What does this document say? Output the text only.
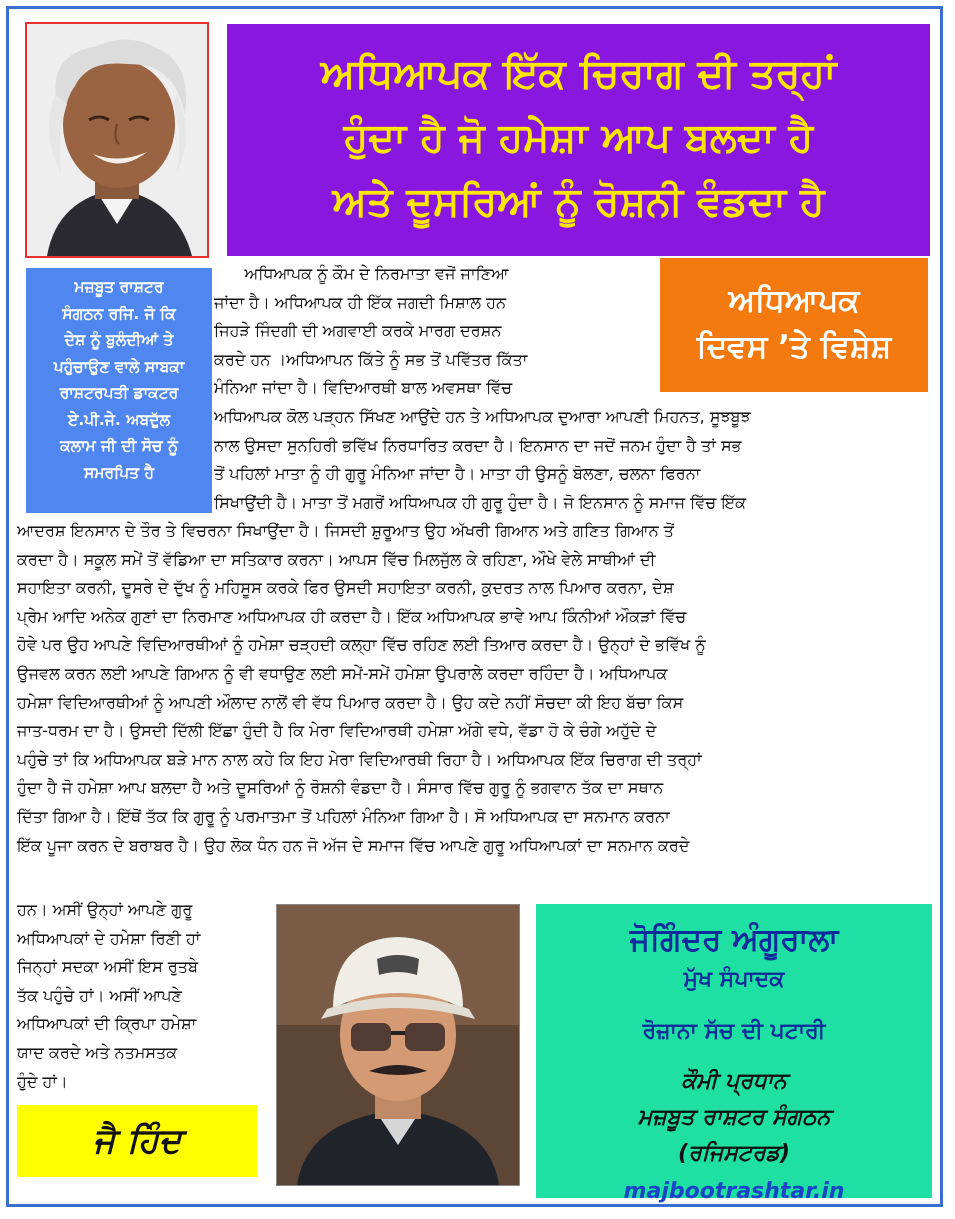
ਅਧਿਆਪਕ ਇੱਕ ਚਿਰਾਗ ਦੀ ਤਰ੍ਹਾਂ
ਹੁੰਦਾ ਹੈ ਜੋ ਹਮੇਸ਼ਾ ਆਪ ਬਲਦਾ ਹੈ
ਅਤੇ ਦੂਸਰਿਆਂ ਨੂੰ ਰੋਸ਼ਨੀ ਵੰਡਦਾ ਹੈ
ਮਜ਼ਬੂਤ ਰਾਸ਼ਟਰ
ਸੰਗਠਨ ਰਜਿ. ਜੋ ਕਿ
ਦੇਸ਼ ਨੂੰ ਬੁਲੰਦੀਆਂ ਤੇ
ਪਹੁੰਚਾਉਣ ਵਾਲੇ ਸਾਬਕਾ
ਰਾਸ਼ਟਰਪਤੀ ਡਾਕਟਰ
ਏ.ਪੀ.ਜੇ. ਅਬਦੁੱਲ
ਕਲਾਮ ਜੀ ਦੀ ਸੋਚ ਨੂੰ
ਸਮਰਪਿਤ ਹੈ
ਅਧਿਆਪਕ
ਦਿਵਸ ’ਤੇ ਵਿਸ਼ੇਸ਼
ਅਧਿਆਪਕ ਨੂੰ ਕੌਮ ਦੇ ਨਿਰਮਾਤਾ ਵਜੋਂ ਜਾਣਿਆ
ਜਾਂਦਾ ਹੈ। ਅਧਿਆਪਕ ਹੀ ਇੱਕ ਜਗਦੀ ਮਿਸ਼ਾਲ ਹਨ
ਜਿਹੜੇ ਜਿੰਦਗੀ ਦੀ ਅਗਵਾਈ ਕਰਕੇ ਮਾਰਗ ਦਰਸ਼ਨ
ਕਰਦੇ ਹਨ ।ਅਧਿਆਪਨ ਕਿੱਤੇ ਨੂੰ ਸਭ ਤੋਂ ਪਵਿੱਤਰ ਕਿੱਤਾ
ਮੰਨਿਆ ਜਾਂਦਾ ਹੈ। ਵਿਦਿਆਰਥੀ ਬਾਲ ਅਵਸਥਾ ਵਿੱਚ
ਅਧਿਆਪਕ ਕੋਲ ਪੜ੍ਹਨ ਸਿੱਖਣ ਆਉਂਦੇ ਹਨ ਤੇ ਅਧਿਆਪਕ ਦੁਆਰਾ ਆਪਣੀ ਮਿਹਨਤ, ਸੂਝਬੂਝ
ਨਾਲ ਉਸਦਾ ਸੁਨਹਿਰੀ ਭਵਿੱਖ ਨਿਰਧਾਰਿਤ ਕਰਦਾ ਹੈ। ਇਨਸਾਨ ਦਾ ਜਦੋਂ ਜਨਮ ਹੁੰਦਾ ਹੈ ਤਾਂ ਸਭ
ਤੋਂ ਪਹਿਲਾਂ ਮਾਤਾ ਨੂੰ ਹੀ ਗੁਰੂ ਮੰਨਿਆ ਜਾਂਦਾ ਹੈ। ਮਾਤਾ ਹੀ ਉਸਨੂੰ ਬੋਲਣਾ, ਚਲਨਾ ਫਿਰਨਾ
ਸਿਖਾਉਂਦੀ ਹੈ। ਮਾਤਾ ਤੋਂ ਮਗਰੋਂ ਅਧਿਆਪਕ ਹੀ ਗੁਰੂ ਹੁੰਦਾ ਹੈ। ਜੋ ਇਨਸਾਨ ਨੂੰ ਸਮਾਜ ਵਿੱਚ ਇੱਕ
ਆਦਰਸ਼ ਇਨਸਾਨ ਦੇ ਤੌਰ ਤੇ ਵਿਚਰਨਾ ਸਿਖਾਉਂਦਾ ਹੈ। ਜਿਸਦੀ ਸ਼ੁਰੂਆਤ ਉਹ ਅੱਖਰੀ ਗਿਆਨ ਅਤੇ ਗਣਿਤ ਗਿਆਨ ਤੋਂ
ਕਰਦਾ ਹੈ। ਸਕੂਲ ਸਮੇਂ ਤੋਂ ਵੱਡਿਆ ਦਾ ਸਤਿਕਾਰ ਕਰਨਾ। ਆਪਸ ਵਿੱਚ ਮਿਲਜੁੱਲ ਕੇ ਰਹਿਣਾ, ਔਖੇ ਵੇਲੇ ਸਾਥੀਆਂ ਦੀ
ਸਹਾਇਤਾ ਕਰਨੀ, ਦੂਸਰੇ ਦੇ ਦੁੱਖ ਨੂੰ ਮਹਿਸੂਸ ਕਰਕੇ ਫਿਰ ਉਸਦੀ ਸਹਾਇਤਾ ਕਰਨੀ, ਕੁਦਰਤ ਨਾਲ ਪਿਆਰ ਕਰਨਾ, ਦੇਸ਼
ਪ੍ਰੇਮ ਆਦਿ ਅਨੇਕ ਗੁਣਾਂ ਦਾ ਨਿਰਮਾਣ ਅਧਿਆਪਕ ਹੀ ਕਰਦਾ ਹੈ। ਇੱਕ ਅਧਿਆਪਕ ਭਾਵੇ ਆਪ ਕਿੰਨੀਆਂ ਔਕੜਾਂ ਵਿੱਚ
ਹੋਵੇ ਪਰ ਉਹ ਆਪਣੇ ਵਿਦਿਆਰਥੀਆਂ ਨੂੰ ਹਮੇਸ਼ਾ ਚੜ੍ਹਦੀ ਕਲ੍ਹਾ ਵਿੱਚ ਰਹਿਣ ਲਈ ਤਿਆਰ ਕਰਦਾ ਹੈ। ਉਨ੍ਹਾਂ ਦੇ ਭਵਿੱਖ ਨੂੰ
ਉਜਵਲ ਕਰਨ ਲਈ ਆਪਣੇ ਗਿਆਨ ਨੂੰ ਵੀ ਵਧਾਉਣ ਲਈ ਸਮੇਂ-ਸਮੇਂ ਹਮੇਸ਼ਾ ਉਪਰਾਲੇ ਕਰਦਾ ਰਹਿੰਦਾ ਹੈ। ਅਧਿਆਪਕ
ਹਮੇਸ਼ਾ ਵਿਦਿਆਰਥੀਆਂ ਨੂੰ ਆਪਣੀ ਔਲਾਦ ਨਾਲੋਂ ਵੀ ਵੱਧ ਪਿਆਰ ਕਰਦਾ ਹੈ। ਉਹ ਕਦੇ ਨਹੀਂ ਸੋਚਦਾ ਕੀ ਇਹ ਬੱਚਾ ਕਿਸ
ਜਾਤ-ਧਰਮ ਦਾ ਹੈ। ਉਸਦੀ ਦਿੱਲੀ ਇੱਛਾ ਹੁੰਦੀ ਹੈ ਕਿ ਮੇਰਾ ਵਿਦਿਆਰਥੀ ਹਮੇਸ਼ਾ ਅੱਗੇ ਵਧੇ, ਵੱਡਾ ਹੋ ਕੇ ਚੰਗੇ ਅਹੁੱਦੇ ਦੇ
ਪਹੁੰਚੇ ਤਾਂ ਕਿ ਅਧਿਆਪਕ ਬੜੇ ਮਾਨ ਨਾਲ ਕਹੇ ਕਿ ਇਹ ਮੇਰਾ ਵਿਦਿਆਰਥੀ ਰਿਹਾ ਹੈ। ਅਧਿਆਪਕ ਇੱਕ ਚਿਰਾਗ ਦੀ ਤਰ੍ਹਾਂ
ਹੁੰਦਾ ਹੈ ਜੋ ਹਮੇਸ਼ਾ ਆਪ ਬਲਦਾ ਹੈ ਅਤੇ ਦੂਸਰਿਆਂ ਨੂੰ ਰੋਸ਼ਨੀ ਵੰਡਦਾ ਹੈ। ਸੰਸਾਰ ਵਿੱਚ ਗੁਰੂ ਨੂੰ ਭਗਵਾਨ ਤੱਕ ਦਾ ਸਥਾਨ
ਦਿੱਤਾ ਗਿਆ ਹੈ। ਇੱਥੋਂ ਤੱਕ ਕਿ ਗੁਰੂ ਨੂੰ ਪਰਮਾਤਮਾ ਤੋਂ ਪਹਿਲਾਂ ਮੰਨਿਆ ਗਿਆ ਹੈ। ਸੋ ਅਧਿਆਪਕ ਦਾ ਸਨਮਾਨ ਕਰਨਾ
ਇੱਕ ਪੂਜਾ ਕਰਨ ਦੇ ਬਰਾਬਰ ਹੈ। ਉਹ ਲੋਕ ਧੰਨ ਹਨ ਜੋ ਅੱਜ ਦੇ ਸਮਾਜ ਵਿੱਚ ਆਪਣੇ ਗੁਰੂ ਅਧਿਆਪਕਾਂ ਦਾ ਸਨਮਾਨ ਕਰਦੇ
ਹਨ। ਅਸੀਂ ਉਨ੍ਹਾਂ ਆਪਣੇ ਗੁਰੂ
ਅਧਿਆਪਕਾਂ ਦੇ ਹਮੇਸ਼ਾ ਰਿਣੀ ਹਾਂ
ਜਿਨ੍ਹਾਂ ਸਦਕਾ ਅਸੀਂ ਇਸ ਰੁਤਬੇ
ਤੱਕ ਪਹੁੰਚੇ ਹਾਂ। ਅਸੀਂ ਆਪਣੇ
ਅਧਿਆਪਕਾਂ ਦੀ ਕ੍ਰਿਪਾ ਹਮੇਸ਼ਾ
ਯਾਦ ਕਰਦੇ ਅਤੇ ਨਤਮਸਤਕ
ਹੁੰਦੇ ਹਾਂ।
ਜੋਗਿੰਦਰ ਅੰਗੂਰਾਲਾ
ਮੁੱਖ ਸੰਪਾਦਕ
ਰੋਜ਼ਾਨਾ ਸੱਚ ਦੀ ਪਟਾਰੀ
ਕੌਮੀ ਪ੍ਰਧਾਨ
ਮਜ਼ਬੂਤ ਰਾਸ਼ਟਰ ਸੰਗਠਨ
(ਰਜਿਸਟਰਡ)
majbootrashtar.in
ਜੈ ਹਿੰਦ
